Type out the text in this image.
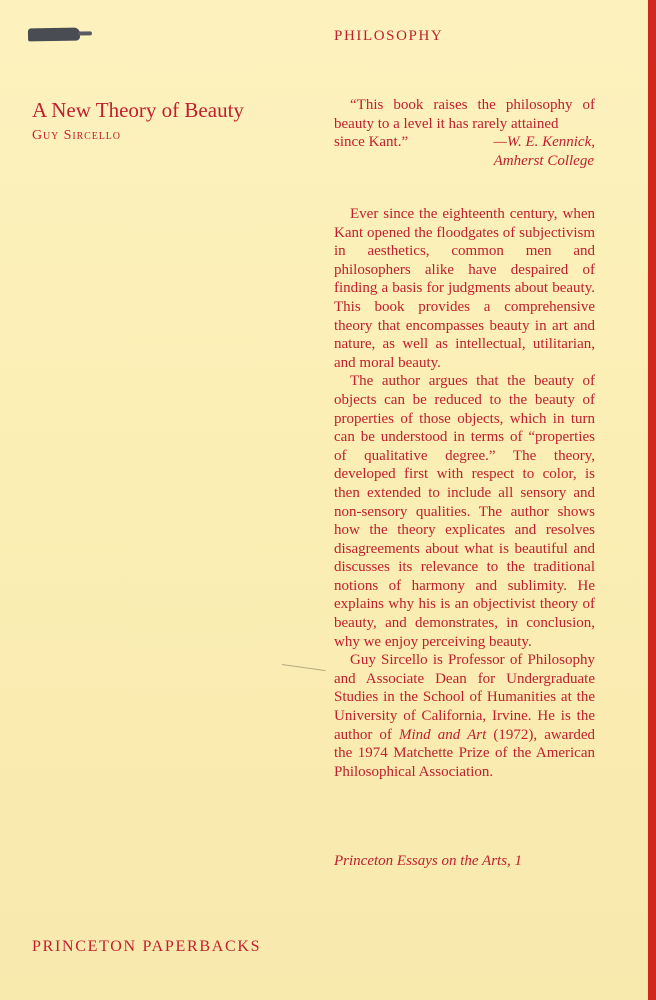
PHILOSOPHY

A New Theory of Beauty

Guy Sircello

“This book raises the philosophy of beauty to a level it has rarely attained

since Kant.”	—W. E. Kennick,
Amherst College

Ever since the eighteenth century, when Kant opened the floodgates of subjectivism in aesthetics, common men and philosophers alike have despaired of finding a basis for judgments about beauty. This book provides a comprehensive theory that encompasses beauty in art and nature, as well as intellectual, utilitarian, and moral beauty.

The author argues that the beauty of objects can be reduced to the beauty of properties of those objects, which in turn can be understood in terms of “properties of qualitative degree.” The theory, developed first with respect to color, is then extended to include all sensory and non-sensory qualities. The author shows how the theory explicates and resolves disagreements about what is beautiful and discusses its relevance to the traditional notions of harmony and sublimity. He explains why his is an objectivist theory of beauty, and demonstrates, in conclusion, why we enjoy perceiving beauty.

Guy Sircello is Professor of Philosophy and Associate Dean for Undergraduate Studies in the School of Humanities at the University of California, Irvine. He is the author of Mind and Art (1972), awarded the 1974 Matchette Prize of the American Philosophical Association.

Princeton Essays on the Arts, 1

PRINCETON PAPERBACKS
